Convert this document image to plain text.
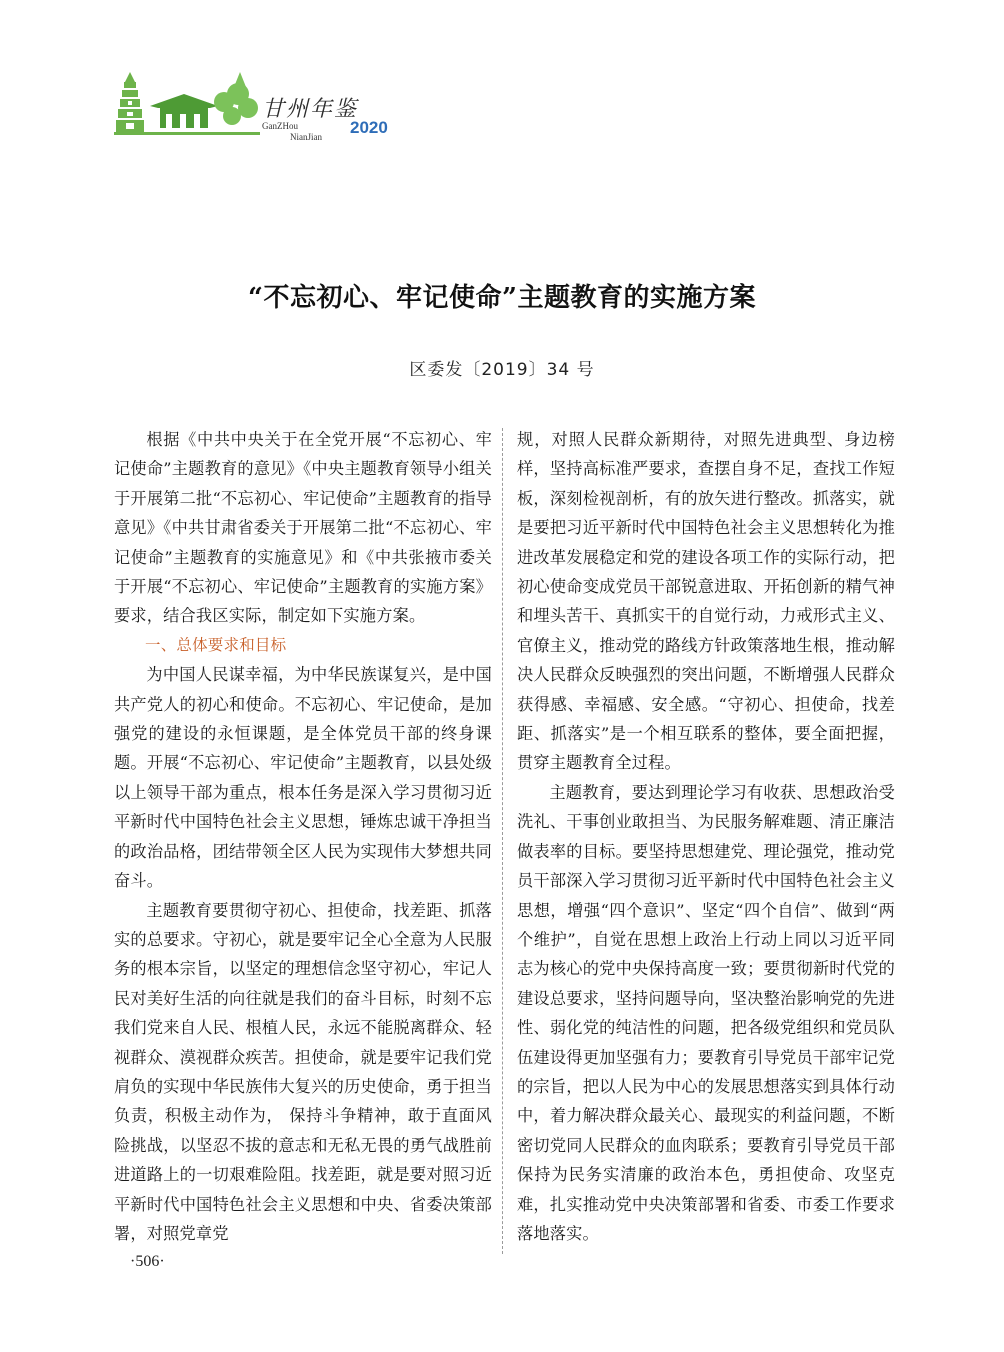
甘州年鉴
GanZHou
NianJian 2020
“不忘初心、牢记使命”主题教育的实施方案
区委发〔2019〕34 号

根据《中共中央关于在全党开展“不忘初心、牢记使命”主题教育的意见》《中央主题教育领导小组关于开展第二批“不忘初心、牢记使命”主题教育的指导意见》《中共甘肃省委关于开展第二批“不忘初心、牢记使命”主题教育的实施意见》和《中共张掖市委关于开展“不忘初心、牢记使命”主题教育的实施方案》要求，结合我区实际，制定如下实施方案。

一、总体要求和目标

为中国人民谋幸福，为中华民族谋复兴，是中国共产党人的初心和使命。不忘初心、牢记使命，是加强党的建设的永恒课题，是全体党员干部的终身课题。开展“不忘初心、牢记使命”主题教育，以县处级以上领导干部为重点，根本任务是深入学习贯彻习近平新时代中国特色社会主义思想，锤炼忠诚干净担当的政治品格，团结带领全区人民为实现伟大梦想共同奋斗。

主题教育要贯彻守初心、担使命，找差距、抓落实的总要求。守初心，就是要牢记全心全意为人民服务的根本宗旨，以坚定的理想信念坚守初心，牢记人民对美好生活的向往就是我们的奋斗目标，时刻不忘我们党来自人民、根植人民，永远不能脱离群众、轻视群众、漠视群众疾苦。担使命，就是要牢记我们党肩负的实现中华民族伟大复兴的历史使命，勇于担当负责，积极主动作为， 保持斗争精神，敢于直面风险挑战，以坚忍不拔的意志和无私无畏的勇气战胜前进道路上的一切艰难险阻。找差距，就是要对照习近平新时代中国特色社会主义思想和中央、省委决策部署，对照党章党

规，对照人民群众新期待，对照先进典型、身边榜样，坚持高标准严要求，查摆自身不足，查找工作短板，深刻检视剖析，有的放矢进行整改。抓落实，就是要把习近平新时代中国特色社会主义思想转化为推进改革发展稳定和党的建设各项工作的实际行动，把初心使命变成党员干部锐意进取、开拓创新的精气神和埋头苦干、真抓实干的自觉行动，力戒形式主义、官僚主义，推动党的路线方针政策落地生根，推动解决人民群众反映强烈的突出问题，不断增强人民群众获得感、幸福感、安全感。“守初心、担使命，找差距、抓落实”是一个相互联系的整体，要全面把握，贯穿主题教育全过程。

主题教育，要达到理论学习有收获、思想政治受洗礼、干事创业敢担当、为民服务解难题、清正廉洁做表率的目标。要坚持思想建党、理论强党，推动党员干部深入学习贯彻习近平新时代中国特色社会主义思想，增强“四个意识”、坚定“四个自信”、做到“两个维护”，自觉在思想上政治上行动上同以习近平同志为核心的党中央保持高度一致；要贯彻新时代党的建设总要求，坚持问题导向，坚决整治影响党的先进性、弱化党的纯洁性的问题，把各级党组织和党员队伍建设得更加坚强有力；要教育引导党员干部牢记党的宗旨，把以人民为中心的发展思想落实到具体行动中，着力解决群众最关心、最现实的利益问题，不断密切党同人民群众的血肉联系；要教育引导党员干部保持为民务实清廉的政治本色，勇担使命、攻坚克难，扎实推动党中央决策部署和省委、市委工作要求落地落实。

·506·
